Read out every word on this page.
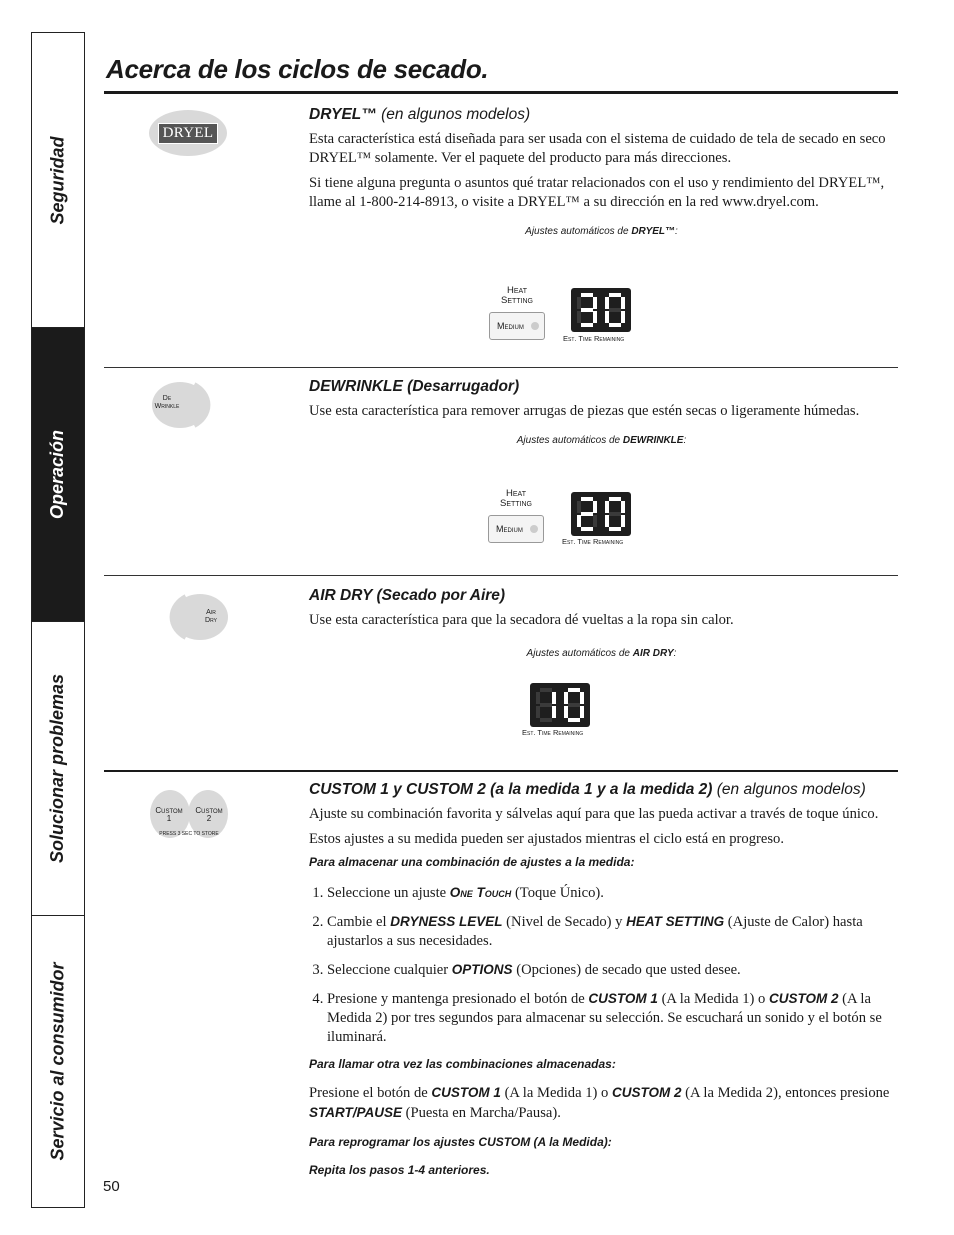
Seguridad
Operación
Solucionar problemas
Servicio al consumidor
Acerca de los ciclos de secado.
DRYEL
DRYEL™ (en algunos modelos)

Esta característica está diseñada para ser usada con el sistema de cuidado de tela de secado en seco DRYEL™ solamente. Ver el paquete del producto para más direcciones.

Si tiene alguna pregunta o asuntos qué tratar relacionados con el uso y rendimiento del DRYEL™, llame al 1-800-214-8913, o visite a DRYEL™ a su dirección en la red www.dryel.com.

Ajustes automáticos de DRYEL™:
Heat
Setting
Medium
Est. Time Remaining
De
Wrinkle
DEWRINKLE (Desarrugador)

Use esta característica para remover arrugas de piezas que estén secas o ligeramente húmedas.

Ajustes automáticos de DEWRINKLE:
Heat
Setting
Medium
Est. Time Remaining
Air
Dry
AIR DRY (Secado por Aire)

Use esta característica para que la secadora dé vueltas a la ropa sin calor.

Ajustes automáticos de AIR DRY:
Est. Time Remaining
Custom
1
Custom
2
PRESS 3 SEC TO STORE
CUSTOM 1 y CUSTOM 2 (a la medida 1 y a la medida 2) (en algunos modelos)

Ajuste su combinación favorita y sálvelas aquí para que las pueda activar a través de toque único.

Estos ajustes a su medida pueden ser ajustados mientras el ciclo está en progreso.

Para almacenar una combinación de ajustes a la medida:
1. Seleccione un ajuste One Touch (Toque Único).
2. Cambie el DRYNESS LEVEL (Nivel de Secado) y HEAT SETTING (Ajuste de Calor) hasta ajustarlos a sus necesidades.
3. Seleccione cualquier OPTIONS (Opciones) de secado que usted desee.
4. Presione y mantenga presionado el botón de CUSTOM 1 (A la Medida 1) o CUSTOM 2 (A la Medida 2) por tres segundos para almacenar su selección. Se escuchará un sonido y el botón se iluminará.
Para llamar otra vez las combinaciones almacenadas:

Presione el botón de CUSTOM 1 (A la Medida 1) o CUSTOM 2 (A la Medida 2), entonces presione START/PAUSE (Puesta en Marcha/Pausa).

Para reprogramar los ajustes CUSTOM (A la Medida):
Repita los pasos 1-4 anteriores.

50
